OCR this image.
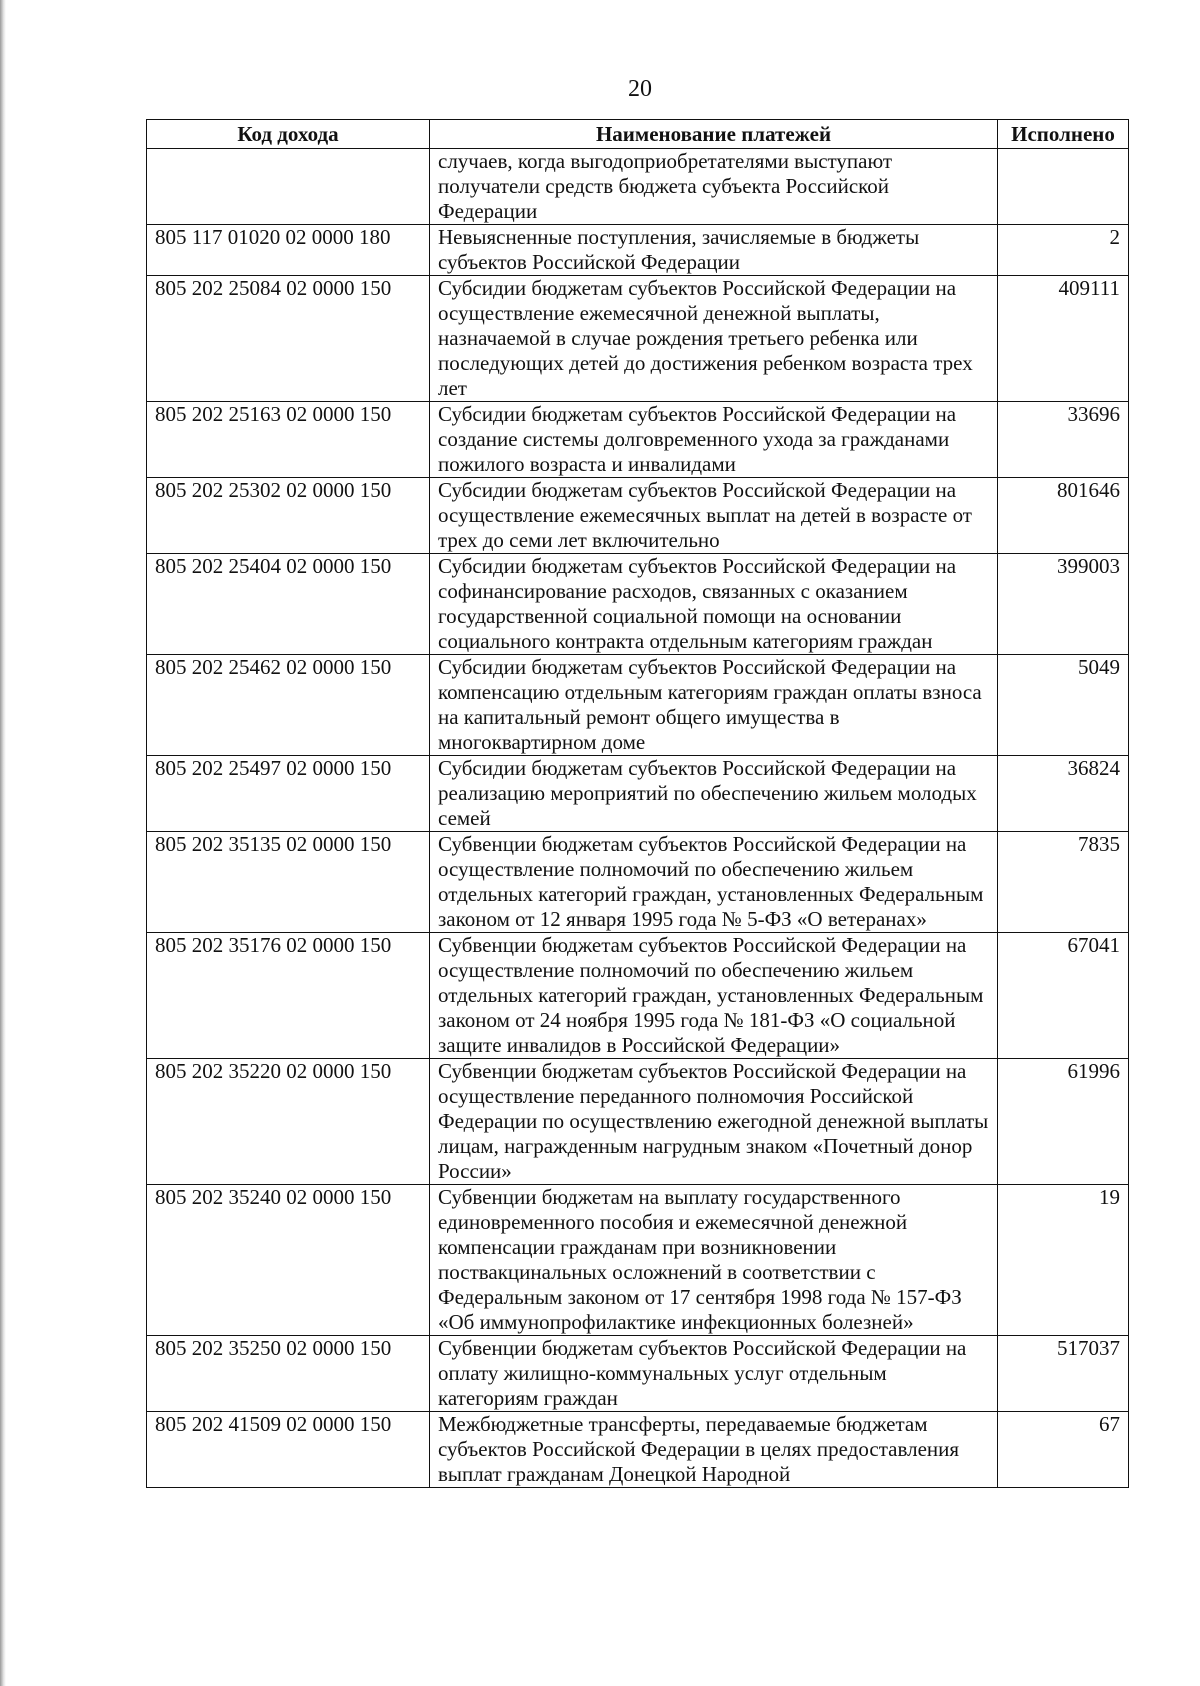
20
Код дохода	Наименование платежей	Исполнено
	случаев, когда выгодоприобретателями выступают получатели средств бюджета субъекта Российской Федерации	
805 117 01020 02 0000 180	Невыясненные поступления, зачисляемые в бюджеты субъектов Российской Федерации	2
805 202 25084 02 0000 150	Субсидии бюджетам субъектов Российской Федерации на осуществление ежемесячной денежной выплаты, назначаемой в случае рождения третьего ребенка или последующих детей до достижения ребенком возраста трех лет	409111
805 202 25163 02 0000 150	Субсидии бюджетам субъектов Российской Федерации на создание системы долговременного ухода за гражданами пожилого возраста и инвалидами	33696
805 202 25302 02 0000 150	Субсидии бюджетам субъектов Российской Федерации на осуществление ежемесячных выплат на детей в возрасте от трех до семи лет включительно	801646
805 202 25404 02 0000 150	Субсидии бюджетам субъектов Российской Федерации на софинансирование расходов, связанных с оказанием государственной социальной помощи на основании социального контракта отдельным категориям граждан	399003
805 202 25462 02 0000 150	Субсидии бюджетам субъектов Российской Федерации на компенсацию отдельным категориям граждан оплаты взноса на капитальный ремонт общего имущества в многоквартирном доме	5049
805 202 25497 02 0000 150	Субсидии бюджетам субъектов Российской Федерации на реализацию мероприятий по обеспечению жильем молодых семей	36824
805 202 35135 02 0000 150	Субвенции бюджетам субъектов Российской Федерации на осуществление полномочий по обеспечению жильем отдельных категорий граждан, установленных Федеральным законом от 12 января 1995 года № 5-ФЗ «О ветеранах»	7835
805 202 35176 02 0000 150	Субвенции бюджетам субъектов Российской Федерации на осуществление полномочий по обеспечению жильем отдельных категорий граждан, установленных Федеральным законом от 24 ноября 1995 года № 181-ФЗ «О социальной защите инвалидов в Российской Федерации»	67041
805 202 35220 02 0000 150	Субвенции бюджетам субъектов Российской Федерации на осуществление переданного полномочия Российской Федерации по осуществлению ежегодной денежной выплаты лицам, награжденным нагрудным знаком «Почетный донор России»	61996
805 202 35240 02 0000 150	Субвенции бюджетам на выплату государственного единовременного пособия и ежемесячной денежной компенсации гражданам при возникновении поствакцинальных осложнений в соответствии с Федеральным законом от 17 сентября 1998 года № 157-ФЗ «Об иммунопрофилактике инфекционных болезней»	19
805 202 35250 02 0000 150	Субвенции бюджетам субъектов Российской Федерации на оплату жилищно-коммунальных услуг отдельным категориям граждан	517037
805 202 41509 02 0000 150	Межбюджетные трансферты, передаваемые бюджетам субъектов Российской Федерации в целях предоставления выплат гражданам Донецкой Народной	67
